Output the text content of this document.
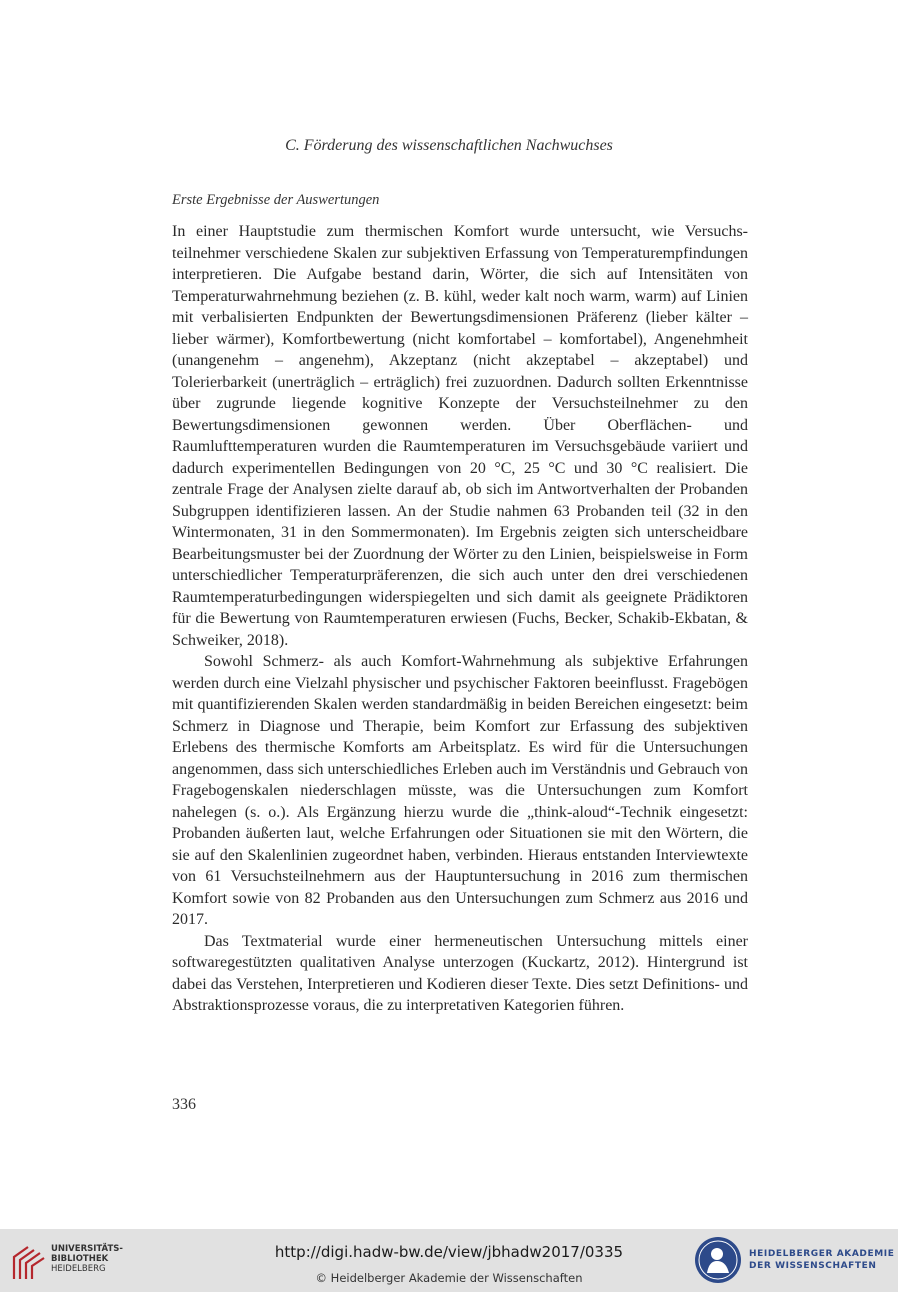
C. Förderung des wissenschaftlichen Nachwuchses
Erste Ergebnisse der Auswertungen

In einer Hauptstudie zum thermischen Komfort wurde untersucht, wie Versuchsteilnehmer verschiedene Skalen zur subjektiven Erfassung von Temperaturempfindungen interpretieren. Die Aufgabe bestand darin, Wörter, die sich auf Intensitäten von Temperaturwahrnehmung beziehen (z. B. kühl, weder kalt noch warm, warm) auf Linien mit verbalisierten Endpunkten der Bewertungsdimensionen Präferenz (lieber kälter – lieber wärmer), Komfortbewertung (nicht komfortabel – komfortabel), Angenehmheit (unangenehm – angenehm), Akzeptanz (nicht akzeptabel – akzeptabel) und Tolerierbarkeit (unerträglich – erträglich) frei zuzuordnen. Dadurch sollten Erkenntnisse über zugrunde liegende kognitive Konzepte der Versuchsteilnehmer zu den Bewertungsdimensionen gewonnen werden. Über Oberflächen- und Raumlufttemperaturen wurden die Raumtemperaturen im Versuchsgebäude variiert und dadurch experimentellen Bedingungen von 20 °C, 25 °C und 30 °C realisiert. Die zentrale Frage der Analysen zielte darauf ab, ob sich im Antwortverhalten der Probanden Subgruppen identifizieren lassen. An der Studie nahmen 63 Probanden teil (32 in den Wintermonaten, 31 in den Sommermonaten). Im Ergebnis zeigten sich unterscheidbare Bearbeitungsmuster bei der Zuordnung der Wörter zu den Linien, beispielsweise in Form unterschiedlicher Temperaturpräferenzen, die sich auch unter den drei verschiedenen Raumtemperaturbedingungen widerspiegelten und sich damit als geeignete Prädiktoren für die Bewertung von Raumtemperaturen erwiesen (Fuchs, Becker, Schakib-Ekbatan, & Schweiker, 2018).

Sowohl Schmerz- als auch Komfort-Wahrnehmung als subjektive Erfahrungen werden durch eine Vielzahl physischer und psychischer Faktoren beeinflusst. Fragebögen mit quantifizierenden Skalen werden standardmäßig in beiden Bereichen eingesetzt: beim Schmerz in Diagnose und Therapie, beim Komfort zur Erfassung des subjektiven Erlebens des thermische Komforts am Arbeitsplatz. Es wird für die Untersuchungen angenommen, dass sich unterschiedliches Erleben auch im Verständnis und Gebrauch von Fragebogenskalen niederschlagen müsste, was die Untersuchungen zum Komfort nahelegen (s. o.). Als Ergänzung hierzu wurde die „think-aloud“-Technik eingesetzt: Probanden äußerten laut, welche Erfahrungen oder Situationen sie mit den Wörtern, die sie auf den Skalenlinien zugeordnet haben, verbinden. Hieraus entstanden Interviewtexte von 61 Versuchsteilnehmern aus der Hauptuntersuchung in 2016 zum thermischen Komfort sowie von 82 Probanden aus den Untersuchungen zum Schmerz aus 2016 und 2017.

Das Textmaterial wurde einer hermeneutischen Untersuchung mittels einer softwaregestützten qualitativen Analyse unterzogen (Kuckartz, 2012). Hintergrund ist dabei das Verstehen, Interpretieren und Kodieren dieser Texte. Dies setzt Definitions- und Abstraktionsprozesse voraus, die zu interpretativen Kategorien führen.

336
UNIVERSITÄTS-
BIBLIOTHEK
HEIDELBERG
http://digi.hadw-bw.de/view/jbhadw2017/0335
© Heidelberger Akademie der Wissenschaften
HEIDELBERGER AKADEMIE
DER WISSENSCHAFTEN
